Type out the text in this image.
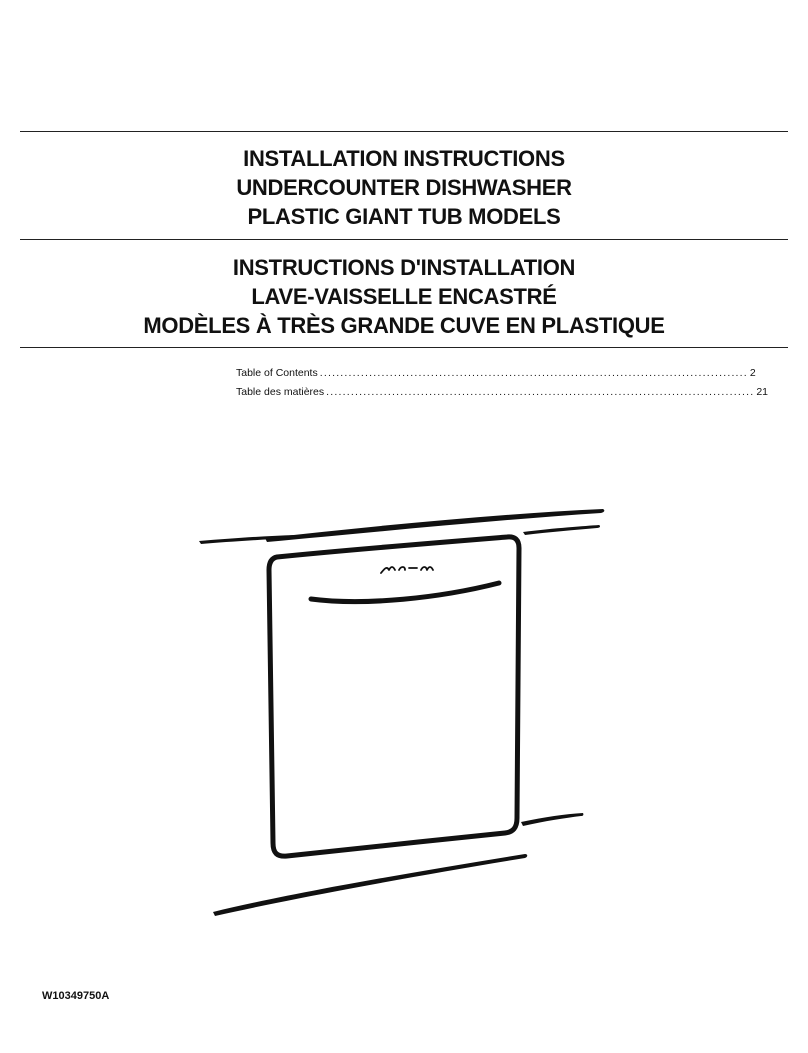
INSTALLATION INSTRUCTIONS
UNDERCOUNTER DISHWASHER
PLASTIC GIANT TUB MODELS
INSTRUCTIONS D'INSTALLATION
LAVE-VAISSELLE ENCASTRÉ
MODÈLES À TRÈS GRANDE CUVE EN PLASTIQUE
Table of Contents ........................................................................................................ 2
Table des matières ........................................................................................................ 21
W10349750A
